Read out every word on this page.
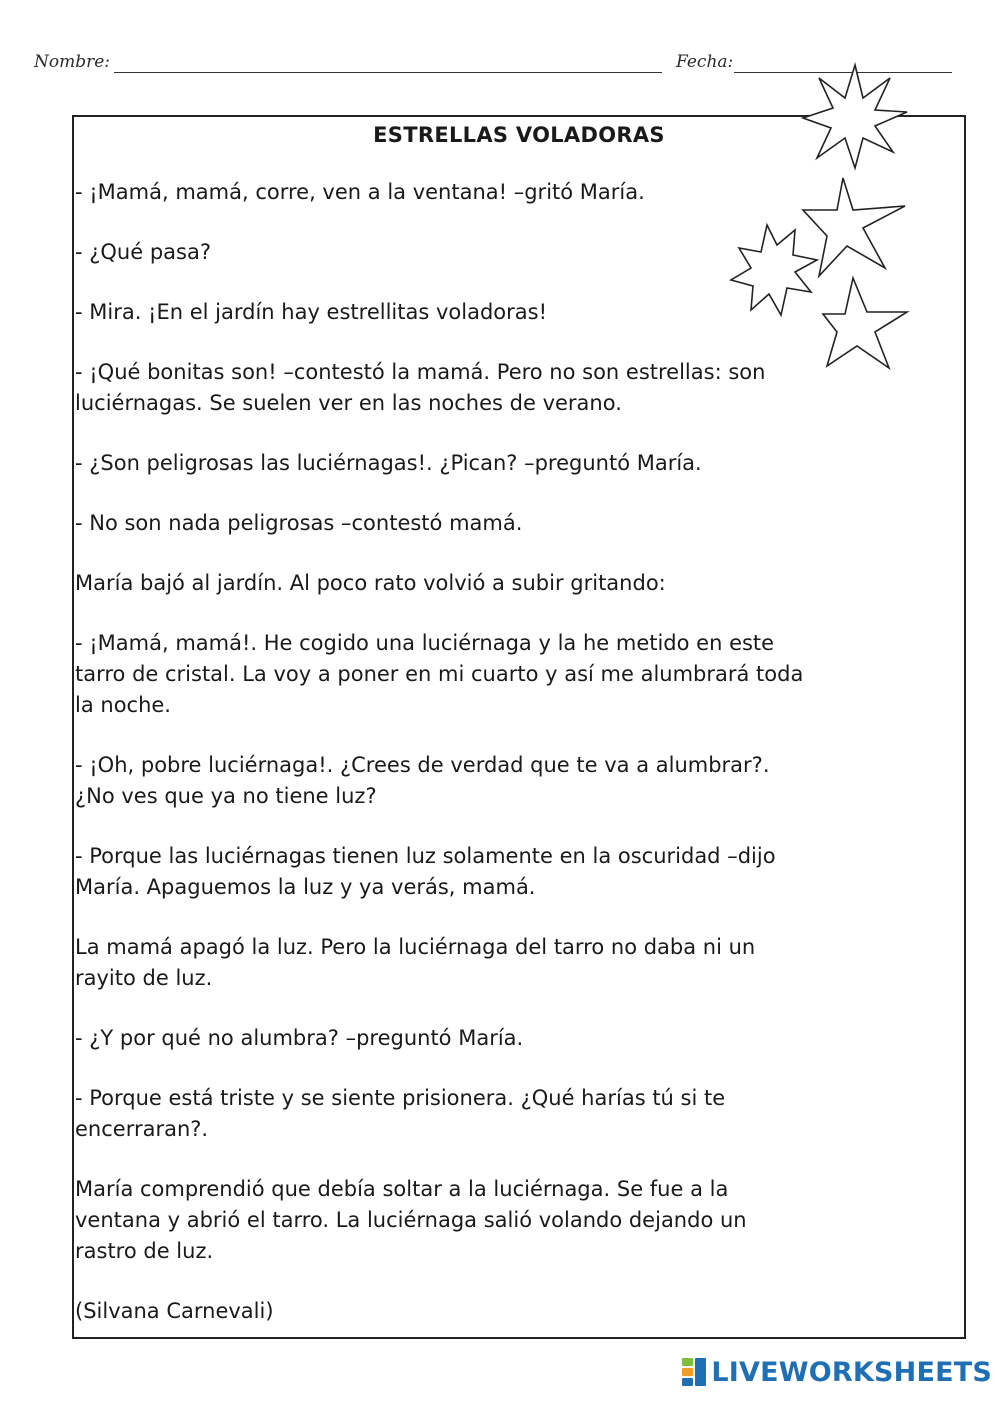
Nombre:	Fecha:
ESTRELLAS VOLADORAS

- ¡Mamá, mamá, corre, ven a la ventana! –gritó María.

- ¿Qué pasa?

- Mira. ¡En el jardín hay estrellitas voladoras!

- ¡Qué bonitas son! –contestó la mamá. Pero no son estrellas: son
luciérnagas. Se suelen ver en las noches de verano.

- ¿Son peligrosas las luciérnagas!. ¿Pican? –preguntó María.

- No son nada peligrosas –contestó mamá.

María bajó al jardín. Al poco rato volvió a subir gritando:

- ¡Mamá, mamá!. He cogido una luciérnaga y la he metido en este
tarro de cristal. La voy a poner en mi cuarto y así me alumbrará toda
la noche.

- ¡Oh, pobre luciérnaga!. ¿Crees de verdad que te va a alumbrar?.
¿No ves que ya no tiene luz?

- Porque las luciérnagas tienen luz solamente en la oscuridad –dijo
María. Apaguemos la luz y ya verás, mamá.

La mamá apagó la luz. Pero la luciérnaga del tarro no daba ni un
rayito de luz.

- ¿Y por qué no alumbra? –preguntó María.

- Porque está triste y se siente prisionera. ¿Qué harías tú si te
encerraran?.

María comprendió que debía soltar a la luciérnaga. Se fue a la
ventana y abrió el tarro. La luciérnaga salió volando dejando un
rastro de luz.

(Silvana Carnevali)

LIVEWORKSHEETS
